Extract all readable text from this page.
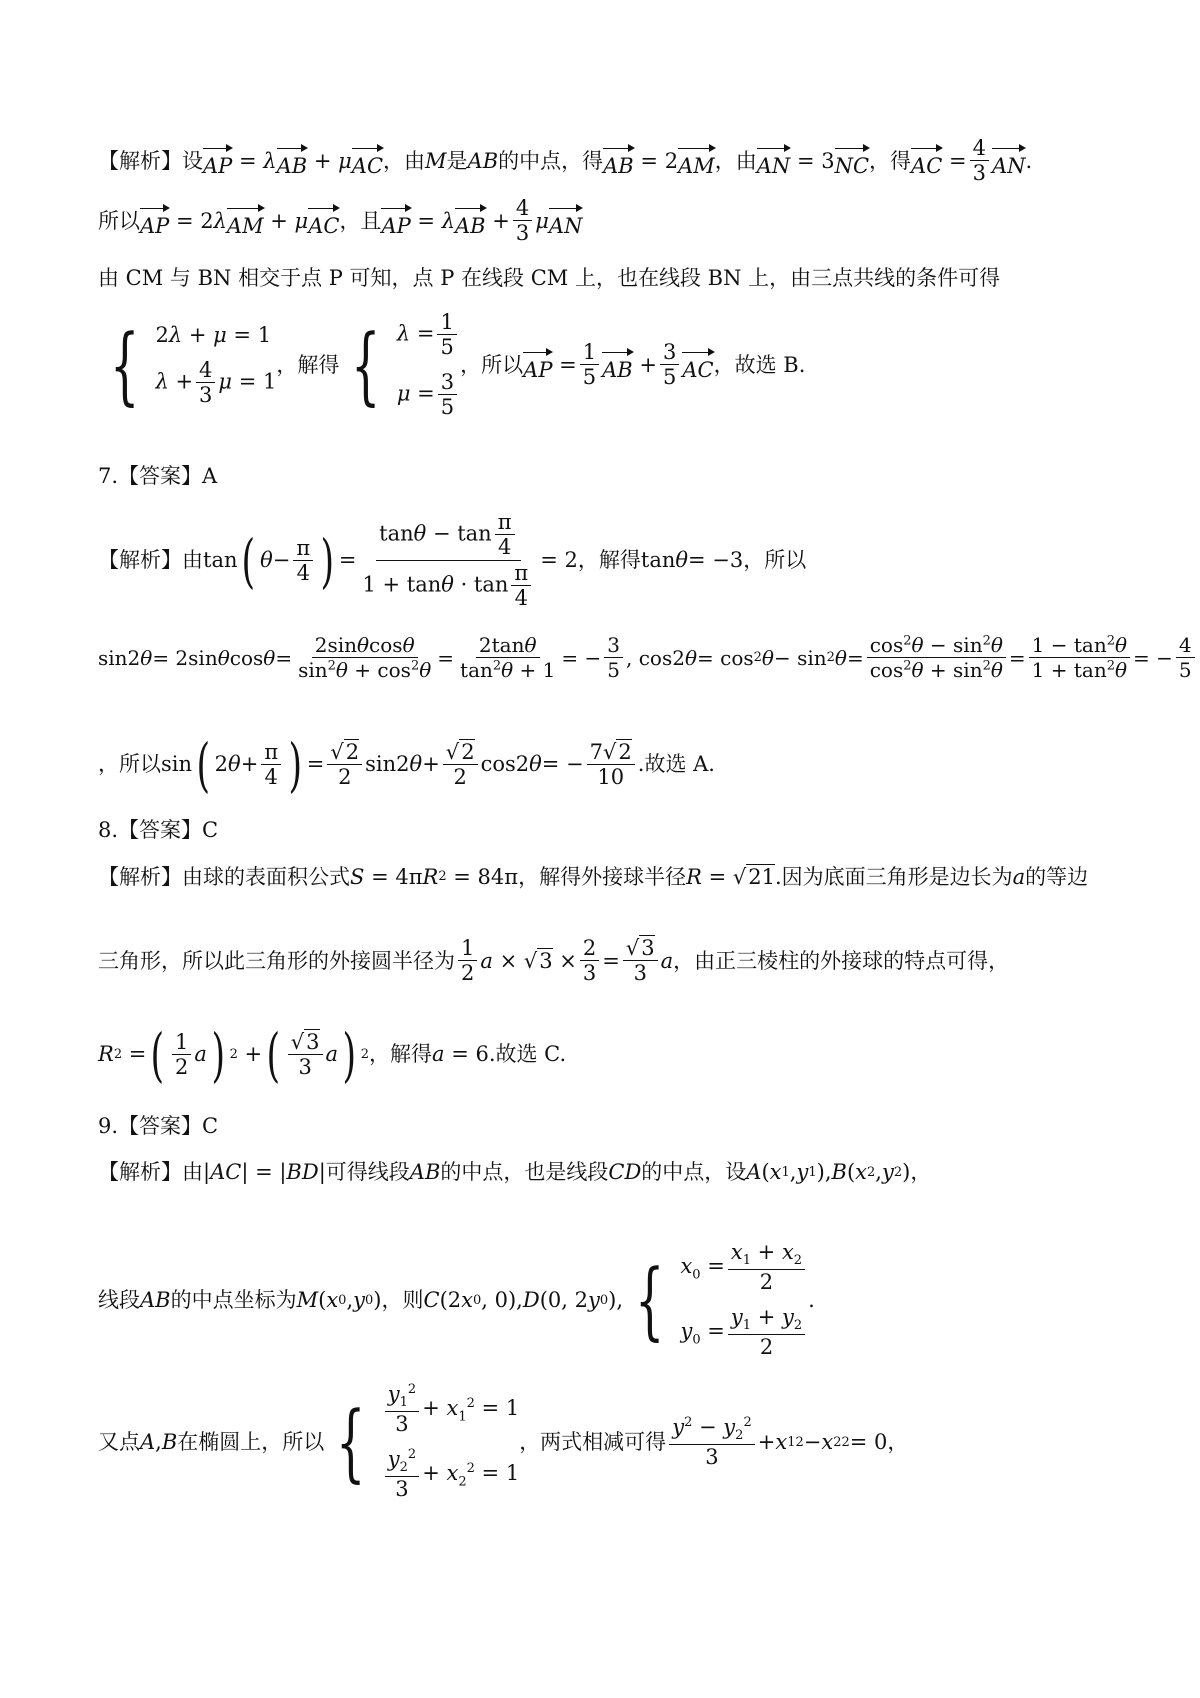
【解析】设 AP = λ AB + μ AC ，由 M 是 AB 的中点，得 AB = 2 AM ，由 AN = 3 NC ，得 AC = $\frac{4}{3}$ AN .
所以 AP = 2 λ AM + μ AC ，且 AP = λ AB + $\frac{4}{3}$ μ AN
由 CM 与 BN 相交于点 P 可知，点 P 在线段 CM 上，也在线段 BN 上，由三点共线的条件可得
{ 2λ + μ = 1
$\lambda + \frac{4}{3}$ μ = 1
，解得 { $\lambda = \frac{1}{5}$
$\mu = \frac{3}{5}$
，所以 AP = $\frac{1}{5}$ AB + $\frac{3}{5}$ AC ，故选 B.
7.【答案】A
【解析】由 tan ( $\theta - \frac{\pi}{4}$ ) = $\frac{\tan\theta - \tan \frac{\pi}{4}}{1 + \tan\theta \cdot \tan \frac{\pi}{4}} = 2$ ，解得 tan θ = −3 ，所以
sin2 θ = 2sin θ $\cos \theta = \frac{2\sin\theta\cos\theta}{\sin^2\theta + \cos^2\theta} = \frac{2\tan\theta}{\tan^2\theta + 1}$ = − $\frac{3}{5}$ , cos2 θ = cos 2 θ − sin 2 $\theta = \frac{\cos^2\theta - \sin^2\theta}{\cos^2\theta + \sin^2\theta} = \frac{1 - \tan^2\theta}{1 + \tan^2\theta}$ = − $\frac{4}{5}$
，所以 sin ( 2 $\theta + \frac{\pi}{4}$ ) = $\frac{√2}{2} \sin 2$ $\theta + \frac{√2}{2} \cos 2$ θ = − $\frac{7√2}{10}$ .故选 A.
8.【答案】C
【解析】由球的表面积公式 S = 4π R 2 = 84π ，解得外接球半径 R = √ 21 .因为底面三角形是边长为 a 的等边
三角形，所以此三角形的外接圆半径为 $\frac{1}{2}$ a × √ $3 \times \frac{2}{3} = \frac{√3}{3}$ a ，由正三棱柱的外接球的特点可得，
R 2 = ( $\frac{1}{2}$ a ) 2 + ( $\frac{√3}{3}$ a ) 2 ，解得 a = 6 .故选 C.
9.【答案】C
【解析】由 | AC | = | BD | 可得线段 AB 的中点，也是线段 CD 的中点，设 A ( x 1 , y 1 ), B ( x 2 , y 2 )，
线段 AB 的中点坐标为 M ( x 0 , y 0 ) ，则 C (2 x 0 , 0), D (0, 2 y 0 ), { $x_0 = \frac{x_1 + x_2}{2}$
$y_0 = \frac{y_1 + y_2}{2}$
.
又点 A , B 在椭圆上，所以 { $\frac{y_1^2}{3} + x_1^2 = 1$
$\frac{y_2^2}{3} + x_2^2 = 1$
，两式相减可得 $\frac{y^2 - y_2^2}{3} + x$ 1 2 − x 2 2 = 0，
